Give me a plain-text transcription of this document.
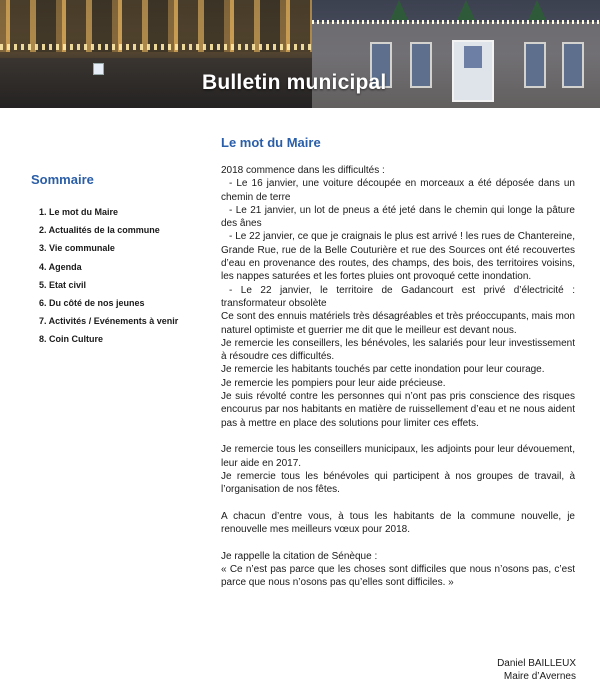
Bulletin municipal
Sommaire
1. Le mot du Maire
2. Actualités de la commune
3. Vie communale
4. Agenda
5. Etat civil
6. Du côté de nos jeunes
7. Activités / Evénements à venir
8. Coin Culture
Le mot du Maire

2018 commence dans les difficultés :

- Le 16 janvier, une voiture découpée en morceaux a été déposée dans un chemin de terre

- Le 21 janvier, un lot de pneus a été jeté dans le chemin qui longe la pâture des ânes

- Le 22 janvier, ce que je craignais le plus est arrivé ! les rues de Chantereine, Grande Rue, rue de la Belle Couturière et rue des Sources ont été recouvertes d’eau en provenance des routes, des champs, des bois, des territoires voisins, les nappes saturées et les fortes pluies ont provoqué cette inondation.

- Le 22 janvier, le territoire de Gadancourt est privé d’électricité : transformateur obsolète

Ce sont des ennuis matériels très désagréables et très préoccupants, mais mon naturel optimiste et guerrier me dit que le meilleur est devant nous.

Je remercie les conseillers, les bénévoles, les salariés pour leur investissement à résoudre ces difficultés.

Je remercie les habitants touchés par cette inondation pour leur courage.

Je remercie les pompiers pour leur aide précieuse.

Je suis révolté contre les personnes qui n’ont pas pris conscience des risques encourus par nos habitants en matière de ruissellement d’eau et ne nous aident pas à mettre en place des solutions pour limiter ces effets.

Je remercie tous les conseillers municipaux, les adjoints pour leur dévouement, leur aide en 2017.

Je remercie tous les bénévoles qui participent à nos groupes de travail, à l’organisation de nos fêtes.

A chacun d’entre vous, à tous les habitants de la commune nouvelle, je renouvelle mes meilleurs vœux pour 2018.

Je rappelle la citation de Sénèque :

« Ce n’est pas parce que les choses sont difficiles que nous n’osons pas, c’est parce que nous n’osons pas qu’elles sont difficiles. »

Daniel BAILLEUX
Maire d’Avernes
